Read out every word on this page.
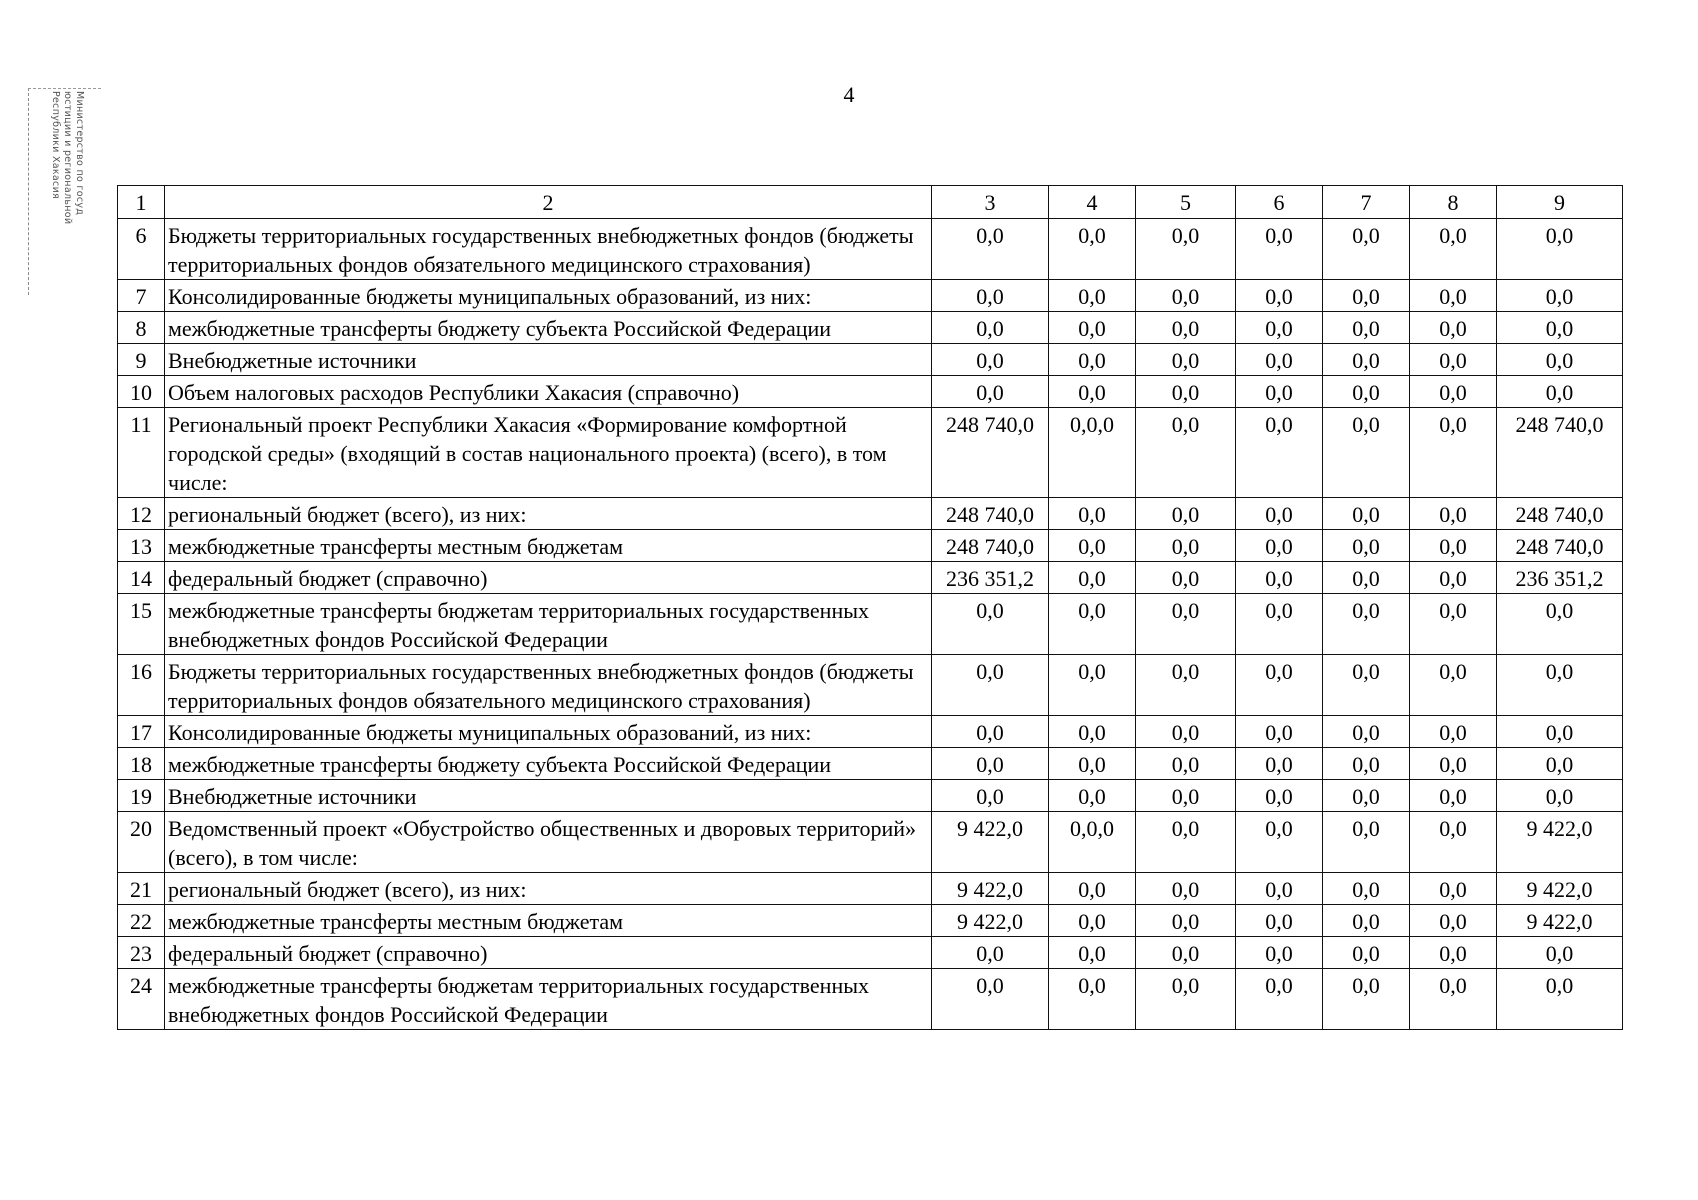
4
Министерство по госуд
юстиции и региональной
Республики Хакасия
1	2	3	4	5	6	7	8	9
6	Бюджеты территориальных государственных внебюджетных фондов (бюджеты территориальных фондов обязательного медицинского страхования)	0,0	0,0	0,0	0,0	0,0	0,0	0,0
7	Консолидированные бюджеты муниципальных образований, из них:	0,0	0,0	0,0	0,0	0,0	0,0	0,0
8	межбюджетные трансферты бюджету субъекта Российской Федерации	0,0	0,0	0,0	0,0	0,0	0,0	0,0
9	Внебюджетные источники	0,0	0,0	0,0	0,0	0,0	0,0	0,0
10	Объем налоговых расходов Республики Хакасия (справочно)	0,0	0,0	0,0	0,0	0,0	0,0	0,0
11	Региональный проект Республики Хакасия «Формирование комфортной городской среды» (входящий в состав национального проекта) (всего), в том числе:	248 740,0	0,0,0	0,0	0,0	0,0	0,0	248 740,0
12	региональный бюджет (всего), из них:	248 740,0	0,0	0,0	0,0	0,0	0,0	248 740,0
13	межбюджетные трансферты местным бюджетам	248 740,0	0,0	0,0	0,0	0,0	0,0	248 740,0
14	федеральный бюджет (справочно)	236 351,2	0,0	0,0	0,0	0,0	0,0	236 351,2
15	межбюджетные трансферты бюджетам территориальных государственных внебюджетных фондов Российской Федерации	0,0	0,0	0,0	0,0	0,0	0,0	0,0
16	Бюджеты территориальных государственных внебюджетных фондов (бюджеты территориальных фондов обязательного медицинского страхования)	0,0	0,0	0,0	0,0	0,0	0,0	0,0
17	Консолидированные бюджеты муниципальных образований, из них:	0,0	0,0	0,0	0,0	0,0	0,0	0,0
18	межбюджетные трансферты бюджету субъекта Российской Федерации	0,0	0,0	0,0	0,0	0,0	0,0	0,0
19	Внебюджетные источники	0,0	0,0	0,0	0,0	0,0	0,0	0,0
20	Ведомственный проект «Обустройство общественных и дворовых территорий» (всего), в том числе:	9 422,0	0,0,0	0,0	0,0	0,0	0,0	9 422,0
21	региональный бюджет (всего), из них:	9 422,0	0,0	0,0	0,0	0,0	0,0	9 422,0
22	межбюджетные трансферты местным бюджетам	9 422,0	0,0	0,0	0,0	0,0	0,0	9 422,0
23	федеральный бюджет (справочно)	0,0	0,0	0,0	0,0	0,0	0,0	0,0
24	межбюджетные трансферты бюджетам территориальных государственных внебюджетных фондов Российской Федерации	0,0	0,0	0,0	0,0	0,0	0,0	0,0
